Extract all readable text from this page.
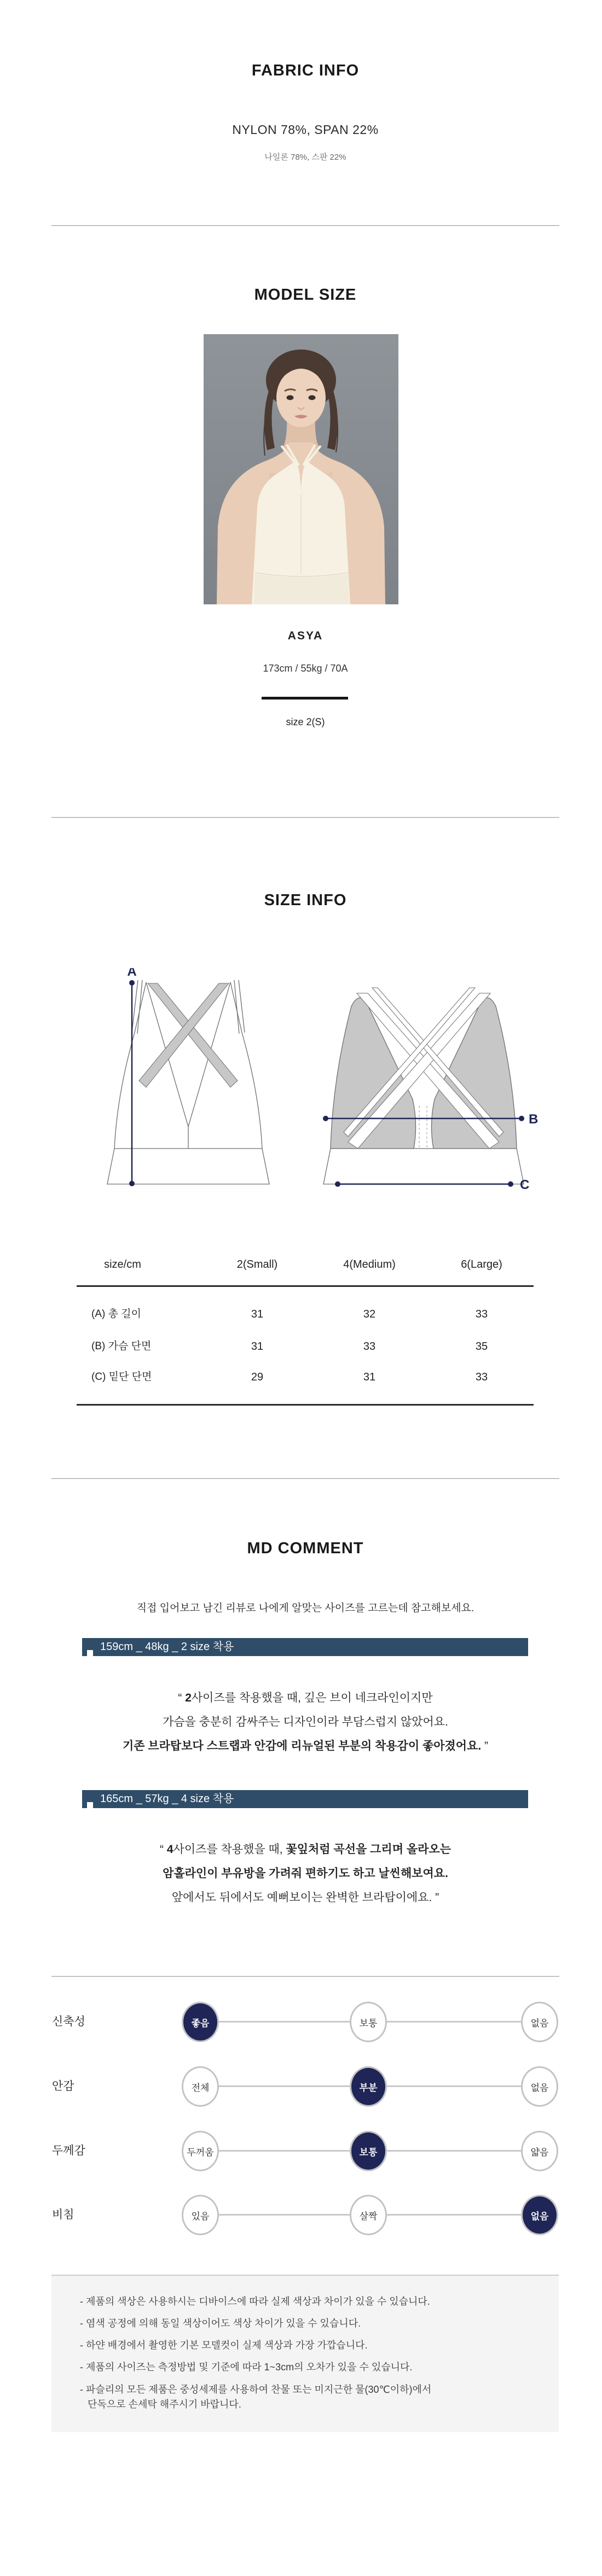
FABRIC INFO
NYLON 78%, SPAN 22%
나일론 78%, 스판 22%
MODEL SIZE
ASYA
173cm / 55kg / 70A
size 2(S)
SIZE INFO
A
B
C
size/cm	2(Small)	4(Medium)	6(Large)
(A) 총 길이	31	32	33
(B) 가슴 단면	31	33	35
(C) 밑단 단면	29	31	33
MD COMMENT
직접 입어보고 남긴 리뷰로 나에게 알맞는 사이즈를 고르는데 참고해보세요.
159cm _ 48kg _ 2 size 착용
“ 2사이즈를 착용했을 때, 깊은 브이 네크라인이지만
가슴을 충분히 감싸주는 디자인이라 부담스럽지 않았어요.
기존 브라탑보다 스트랩과 안감에 리뉴얼된 부분의 착용감이 좋아졌어요. ”
165cm _ 57kg _ 4 size 착용
“ 4사이즈를 착용했을 때, 꽃잎처럼 곡선을 그리며 올라오는
암홀라인이 부유방을 가려줘 편하기도 하고 날씬해보여요.
앞에서도 뒤에서도 예뻐보이는 완벽한 브라탑이에요. ”
신축성	좋음	보통	없음
안감	전체	부분	없음
두께감	두꺼움	보통	얇음
비침	있음	살짝	없음
- 제품의 색상은 사용하시는 디바이스에 따라 실제 색상과 차이가 있을 수 있습니다.
- 염색 공정에 의해 동일 색상이어도 색상 차이가 있을 수 있습니다.
- 하얀 배경에서 촬영한 기본 모델컷이 실제 색상과 가장 가깝습니다.
- 제품의 사이즈는 측정방법 및 기준에 따라 1~3cm의 오차가 있을 수 있습니다.
- 파슬리의 모든 제품은 중성세제를 사용하여 찬물 또는 미지근한 물(30℃이하)에서
단독으로 손세탁 해주시기 바랍니다.
